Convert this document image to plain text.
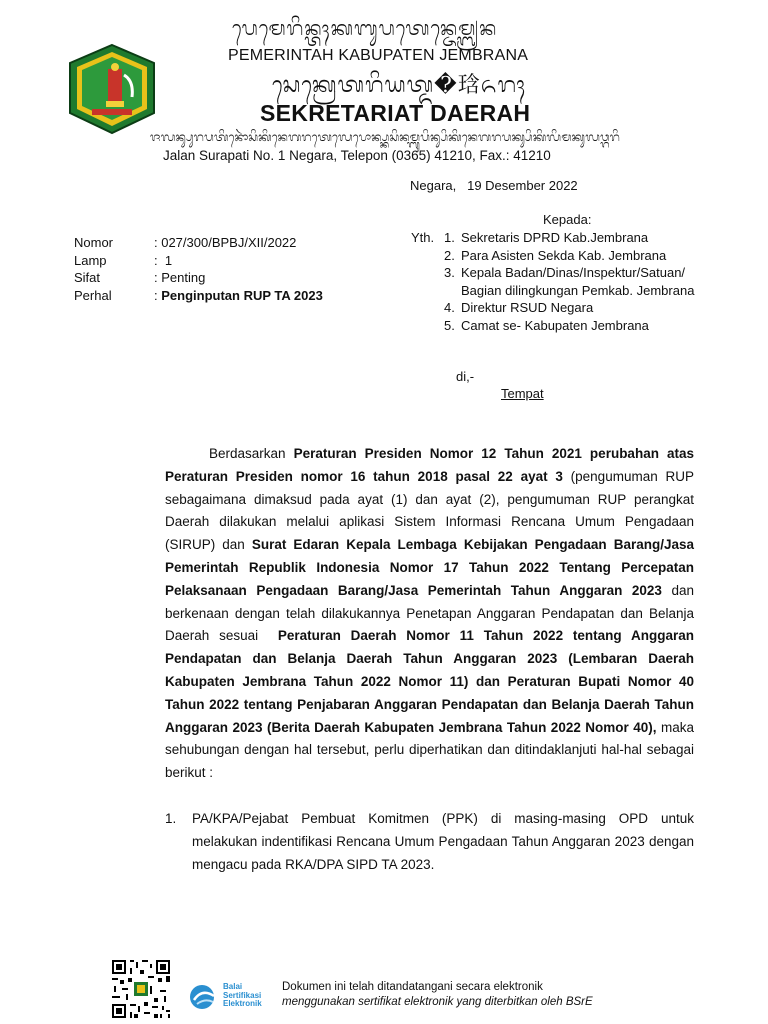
ᬧᬾᬫᬾᬭᬶᬦ᭄ᬢᬄᬓᬩᬸᬧᬢᬾᬦ᭄ᬚᬾᬫ᭄ᬩ᭄ᬭᬦ
PEMERINTAH KABUPATEN JEMBRANA
ᬲᬾᬓ᭄ᬭᬾᬢᬭᬶᬬᬢ᭄ᬤ�琀ᬏᬭᬄ
SEKRETARIAT DAERAH
ᬚᬮᬦ᭄ᬲᬸᬭᬧᬢᬶᬦᭀᬃᬲᬶᬓᬶᬦᬾᬕᬭᬢᬾᬮᬾᬧᭀᬦ᭄ᬧ᭄ᬓᬲᬶᬦᬫ᭄ᬩᬸᬧᬶᬦ᭄ᬲᬶᬓᬶᬦᬾᬕᬭᬧᬓ᭄ᬲᬶᬓᬶᬮᬶᬫᬓᬸᬮᬯ᭄ᬕᬭᬶ
Jalan Surapati No. 1 Negara, Telepon (0365) 41210, Fax.: 41210
Negara,   19 Desember 2022
Kepada:
Yth. 1. Sekretaris DPRD Kab.Jembrana
2. Para Asisten Sekda Kab. Jembrana
3. Kepala Badan/Dinas/Inspektur/Satuan/ Bagian dilingkungan Pemkab. Jembrana
4. Direktur RSUD Negara
5. Camat se- Kabupaten Jembrana
Nomor	: 027/300/BPBJ/XII/2022
Lamp	:  1
Sifat	: Penting
Perhal	: Penginputan RUP TA 2023
di,-
Tempat

Berdasarkan Peraturan Presiden Nomor 12 Tahun 2021 perubahan atas Peraturan Presiden nomor 16 tahun 2018 pasal 22 ayat 3 (pengumuman RUP sebagaimana dimaksud pada ayat (1) dan ayat (2), pengumuman RUP perangkat Daerah dilakukan melalui aplikasi Sistem Informasi Rencana Umum Pengadaan (SIRUP) dan Surat Edaran Kepala Lembaga Kebijakan Pengadaan Barang/Jasa Pemerintah Republik Indonesia Nomor 17 Tahun 2022 Tentang Percepatan Pelaksanaan Pengadaan Barang/Jasa Pemerintah Tahun Anggaran 2023 dan berkenaan dengan telah dilakukannya Penetapan Anggaran Pendapatan dan Belanja Daerah sesuai  Peraturan Daerah Nomor 11 Tahun 2022 tentang Anggaran Pendapatan dan Belanja Daerah Tahun Anggaran 2023 (Lembaran Daerah Kabupaten Jembrana Tahun 2022 Nomor 11) dan Peraturan Bupati Nomor 40 Tahun 2022 tentang Penjabaran Anggaran Pendapatan dan Belanja Daerah Tahun Anggaran 2023 (Berita Daerah Kabupaten Jembrana Tahun 2022 Nomor 40), maka sehubungan dengan hal tersebut, perlu diperhatikan dan ditindaklanjuti hal-hal sebagai berikut :

1.	PA/KPA/Pejabat Pembuat Komitmen (PPK) di masing-masing OPD untuk melakukan indentifikasi Rencana Umum Pengadaan Tahun Anggaran 2023 dengan mengacu pada RKA/DPA SIPD TA 2023.
Balai
Sertifikasi
Elektronik
Dokumen ini telah ditandatangani secara elektronik
menggunakan sertifikat elektronik yang diterbitkan oleh BSrE
